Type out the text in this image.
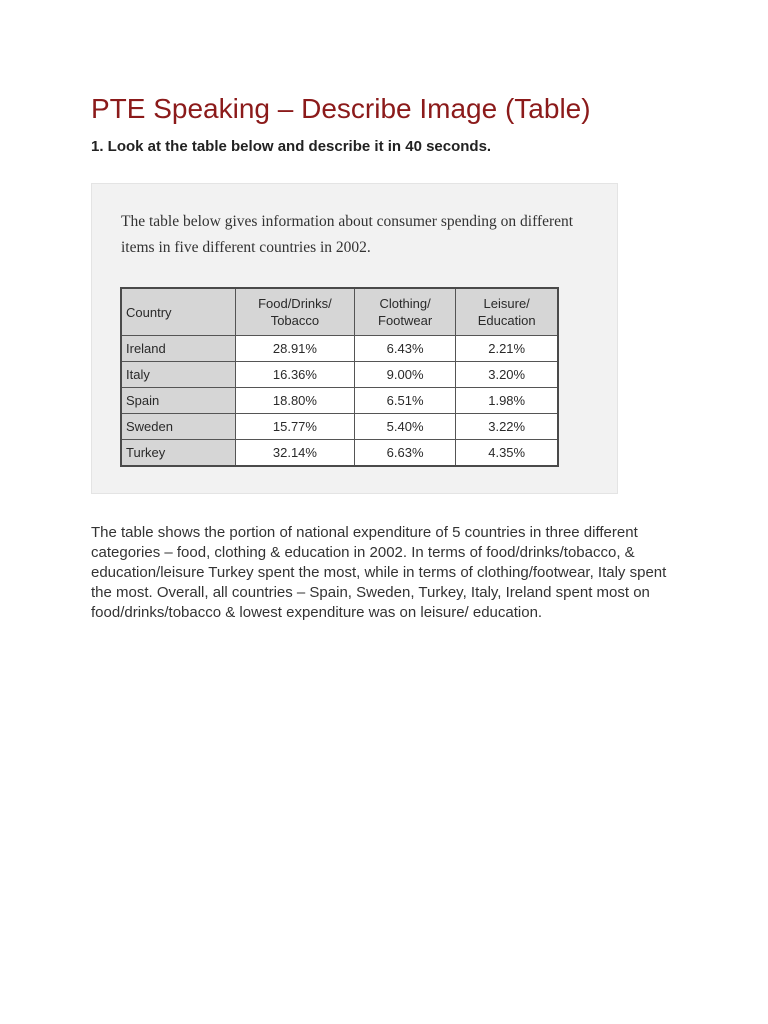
PTE Speaking – Describe Image (Table)

1. Look at the table below and describe it in 40 seconds.

The table below gives information about consumer spending on different items in five different countries in 2002.

Country	Food/Drinks/ Tobacco	Clothing/ Footwear	Leisure/ Education
Ireland	28.91%	6.43%	2.21%
Italy	16.36%	9.00%	3.20%
Spain	18.80%	6.51%	1.98%
Sweden	15.77%	5.40%	3.22%
Turkey	32.14%	6.63%	4.35%

The table shows the portion of national expenditure of 5 countries in three different categories – food, clothing & education in 2002. In terms of food/drinks/tobacco, & education/leisure Turkey spent the most, while in terms of clothing/footwear, Italy spent the most. Overall, all countries – Spain, Sweden, Turkey, Italy, Ireland spent most on food/drinks/tobacco & lowest expenditure was on leisure/ education.
